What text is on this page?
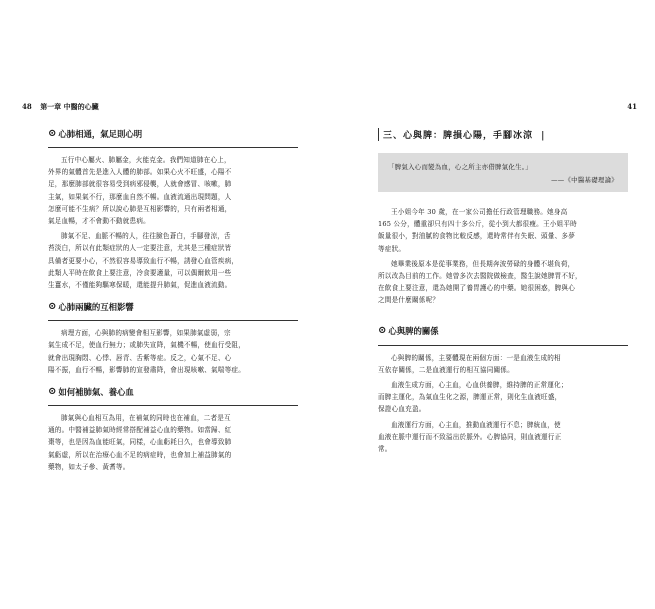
48 第一章 中醫的心臟
⊙ 心肺相通，氣足則心明
五行中心屬火、肺屬金，火能克金。我們知道肺在心上，
外界的氣體首先是進入人體的肺部。如果心火不旺盛，心陽不
足，那麼肺部就很容易受到病邪侵襲，人就會感冒、咳嗽，肺
主氣，如果氣不行，那麼血自然不暢。血液流通出現問題，人
怎麼可能不生病？所以說心肺是互相影響的，只有兩者相通，
氣足血暢，才不會動不動就患病。
肺氣不足、血脈不暢的人，往往臉色蒼白，手腳發涼，舌
苔淡白，所以有此類症狀的人一定要注意，尤其是三種症狀皆
具備者更要小心，不然很容易導致血行不暢，誘發心血管疾病，
此類人平時在飲食上要注意，冷食要適量，可以偶爾飲用一些
生薑水，不僅能夠驅寒保暖，還能提升肺氣，促進血液流動。
⊙ 心肺兩臟的互相影響
病理方面，心與肺的病變會相互影響，如果肺氣虛弱，宗
氣生成不足，使血行無力；或肺失宣降，氣機不暢，使血行受阻，
就會出現胸悶、心悸、唇青、舌紫等症。反之，心氣不足、心
陽不振，血行不暢，影響肺的宣發肅降，會出現咳嗽、氣喘等症。
⊙ 如何補肺氣、養心血
肺氣與心血相互為用，在補氣的同時也在補血，二者是互
通的。中醫補益肺氣時經常搭配補益心血的藥物。如當歸、紅
棗等，也是因為血能旺氣，同樣，心血虧耗日久，也會導致肺
氣虧虛，所以在治療心血不足的病症時，也會加上補益肺氣的
藥物，如太子參、黃耆等。
41
三、心與脾：脾損心陽，手腳冰涼 |
「脾氣入心而變為血，心之所主亦借脾氣化生。」
——《中醫基礎理論》
王小姐今年 30 歲，在一家公司擔任行政管理職務。她身高
165 公分，體重卻只有四十多公斤，從小到大都很瘦。王小姐平時
飯量很小，對油膩的食物比較反感，還時常伴有失眠、頭暈、多夢
等症狀。
她畢業後原本是從事業務，但長期奔波勞碌的身體不堪負荷，
所以改為目前的工作。她曾多次去醫院做檢查，醫生說她脾胃不好，
在飲食上要注意，還為她開了養胃護心的中藥。她很困惑，脾與心
之間是什麼關係呢？
⊙ 心與脾的關係
心與脾的關係，主要體現在兩個方面：一是血液生成的相
互依存關係，二是血液運行的相互協同關係。
血液生成方面，心主血，心血供養脾，維持脾的正常運化；
而脾主運化，為氣血生化之源，脾運正常，則化生血液旺盛，
保證心血充盈。
血液運行方面，心主血，推動血液運行不息；脾統血，使
血液在脈中運行而不致溢出於脈外。心脾協同，則血液運行正
常。
